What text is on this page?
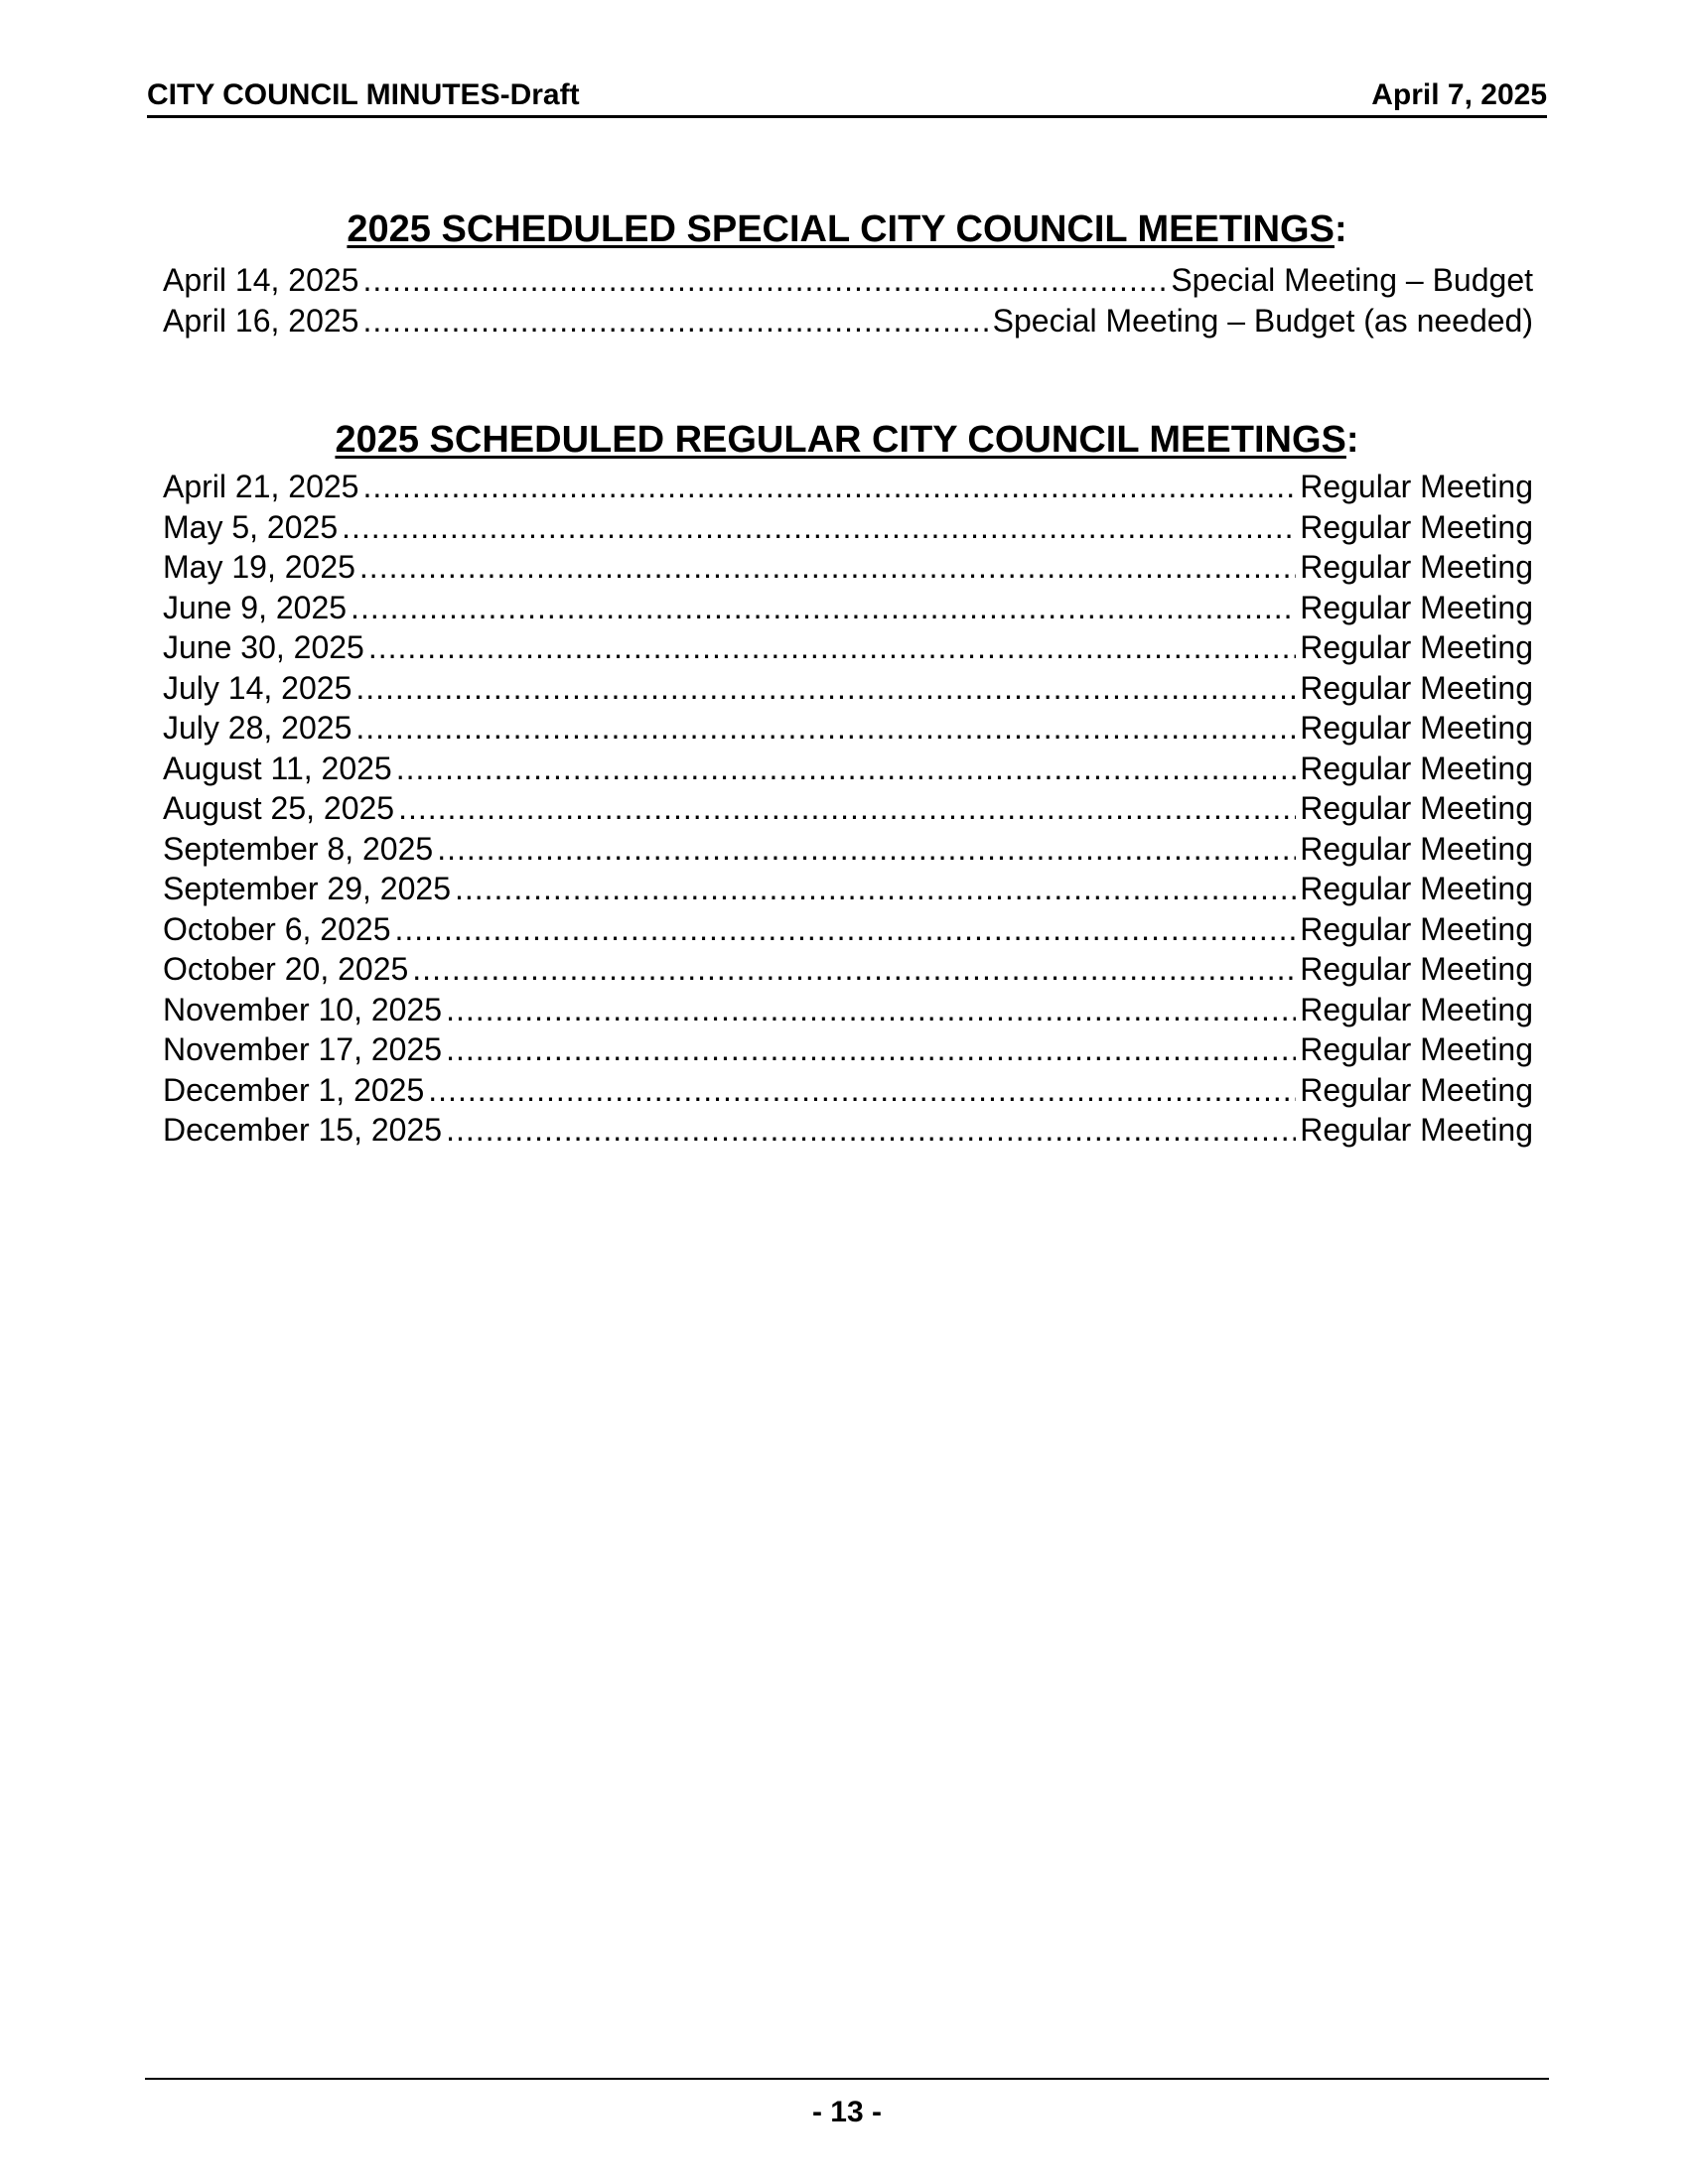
CITY COUNCIL MINUTES-Draft	April 7, 2025
2025 SCHEDULED SPECIAL CITY COUNCIL MEETINGS:
April 14, 2025 .....	Special Meeting – Budget
April 16, 2025 .....	Special Meeting – Budget (as needed)
2025 SCHEDULED REGULAR CITY COUNCIL MEETINGS:
April 21, 2025 .....	Regular Meeting
May 5, 2025 .....	Regular Meeting
May 19, 2025 .....	Regular Meeting
June 9, 2025 .....	Regular Meeting
June 30, 2025 .....	Regular Meeting
July 14, 2025 .....	Regular Meeting
July 28, 2025 .....	Regular Meeting
August 11, 2025 .....	Regular Meeting
August 25, 2025 .....	Regular Meeting
September 8, 2025 .....	Regular Meeting
September 29, 2025 .....	Regular Meeting
October 6, 2025 .....	Regular Meeting
October 20, 2025 .....	Regular Meeting
November 10, 2025 .....	Regular Meeting
November 17, 2025 .....	Regular Meeting
December 1, 2025 .....	Regular Meeting
December 15, 2025 .....	Regular Meeting
- 13 -
